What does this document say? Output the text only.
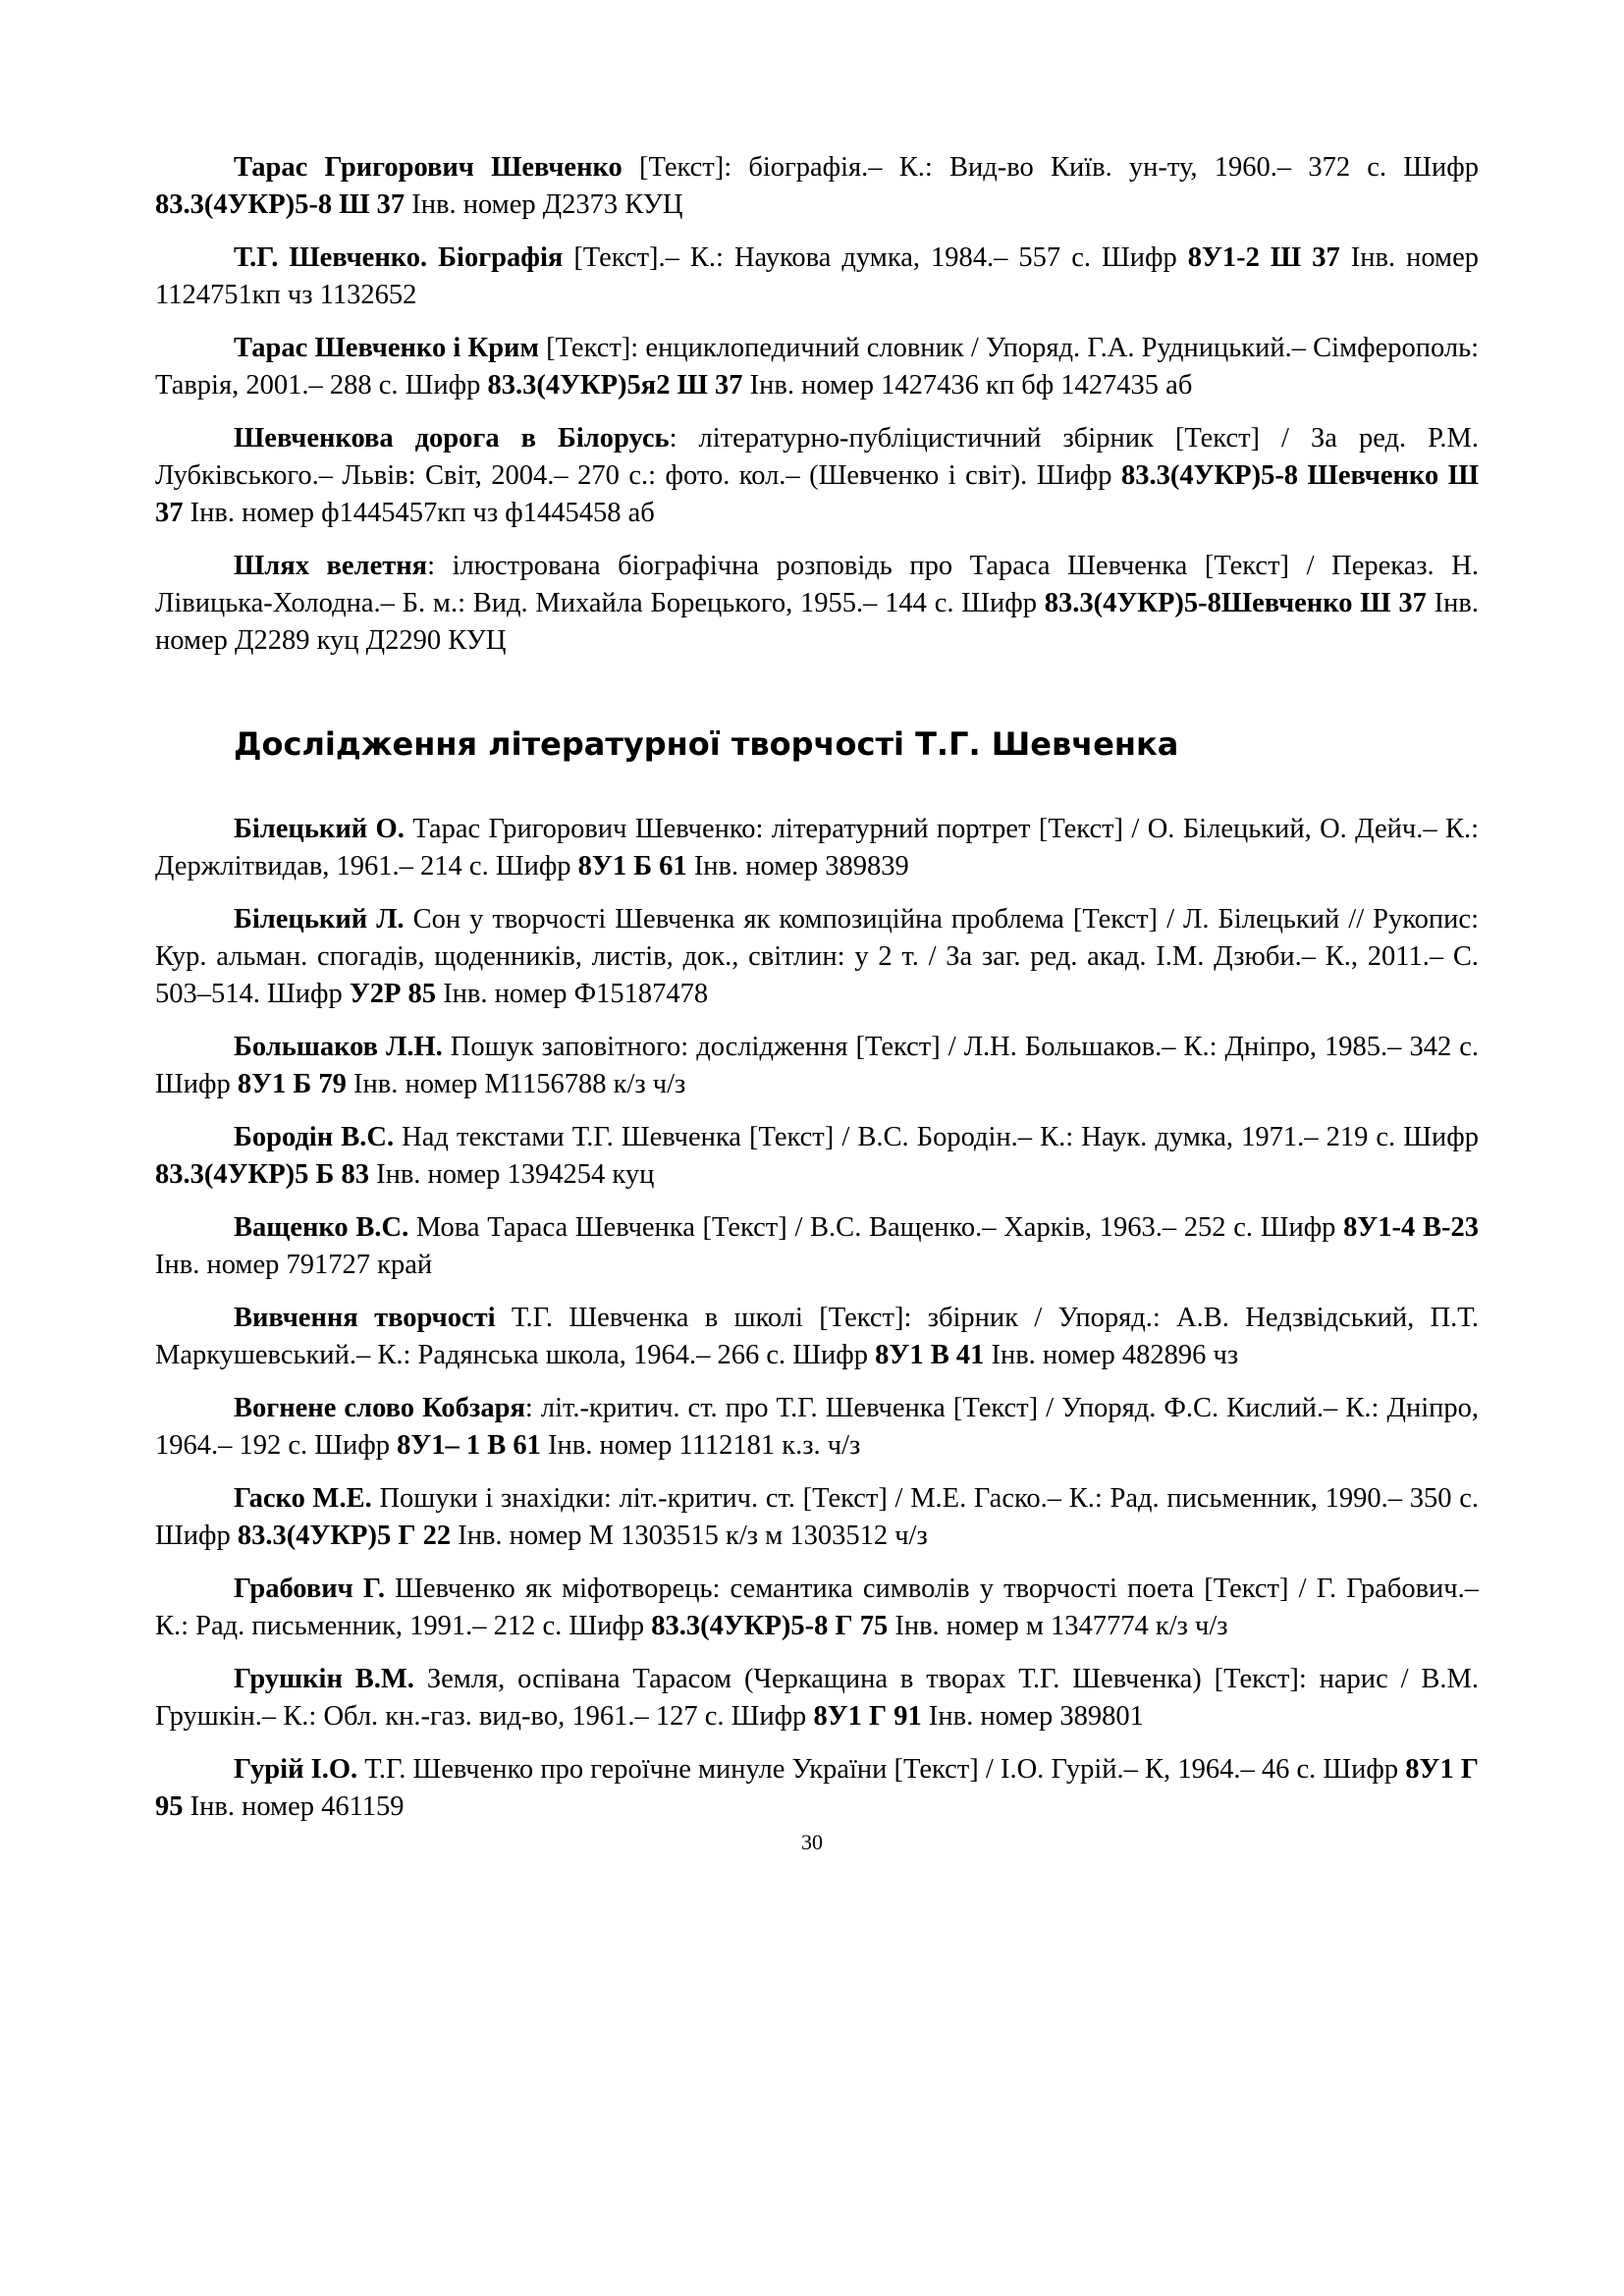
Тарас Григорович Шевченко [Текст]: біографія.– К.: Вид-во Київ. ун-ту, 1960.– 372 с. Шифр 83.3(4УКР)5-8 Ш 37 Інв. номер Д2373 КУЦ

Т.Г. Шевченко. Біографія [Текст].– К.: Наукова думка, 1984.– 557 с. Шифр 8У1-2 Ш 37 Інв. номер 1124751кп чз 1132652

Тарас Шевченко і Крим [Текст]: енциклопедичний словник / Упоряд. Г.А. Рудницький.– Сімферополь: Таврія, 2001.– 288 с. Шифр 83.3(4УКР)5я2 Ш 37 Інв. номер 1427436 кп бф 1427435 аб

Шевченкова дорога в Білорусь: літературно-публіцистичний збірник [Текст] / За ред. Р.М. Лубківського.– Львів: Світ, 2004.– 270 с.: фото. кол.– (Шевченко і світ). Шифр 83.3(4УКР)5-8 Шевченко Ш 37 Інв. номер ф1445457кп чз ф1445458 аб

Шлях велетня: ілюстрована біографічна розповідь про Тараса Шевченка [Текст] / Переказ. Н. Лівицька-Холодна.– Б. м.: Вид. Михайла Борецького, 1955.– 144 с. Шифр 83.3(4УКР)5-8Шевченко Ш 37 Інв. номер Д2289 куц Д2290 КУЦ

Дослідження літературної творчості Т.Г. Шевченка

Білецький О. Тарас Григорович Шевченко: літературний портрет [Текст] / О. Білецький, О. Дейч.– К.: Держлітвидав, 1961.– 214 с. Шифр 8У1 Б 61 Інв. номер 389839

Білецький Л. Сон у творчості Шевченка як композиційна проблема [Текст] / Л. Білецький // Рукопис: Кур. альман. спогадів, щоденників, листів, док., світлин: у 2 т. / За заг. ред. акад. І.М. Дзюби.– К., 2011.– С. 503–514. Шифр У2Р 85 Інв. номер Ф15187478

Большаков Л.Н. Пошук заповітного: дослідження [Текст] / Л.Н. Большаков.– К.: Дніпро, 1985.– 342 с. Шифр 8У1 Б 79 Інв. номер М1156788 к/з ч/з

Бородін В.С. Над текстами Т.Г. Шевченка [Текст] / В.С. Бородін.– К.: Наук. думка, 1971.– 219 с. Шифр 83.3(4УКР)5 Б 83 Інв. номер 1394254 куц

Ващенко В.С. Мова Тараса Шевченка [Текст] / В.С. Ващенко.– Харків, 1963.– 252 с. Шифр 8У1-4 В-23 Інв. номер 791727 край

Вивчення творчості Т.Г. Шевченка в школі [Текст]: збірник / Упоряд.: А.В. Недзвідський, П.Т. Маркушевський.– К.: Радянська школа, 1964.– 266 с. Шифр 8У1 В 41 Інв. номер 482896 чз

Вогнене слово Кобзаря: літ.-критич. ст. про Т.Г. Шевченка [Текст] / Упоряд. Ф.С. Кислий.– К.: Дніпро, 1964.– 192 с. Шифр 8У1– 1 В 61 Інв. номер 1112181 к.з. ч/з

Гаско М.Е. Пошуки і знахідки: літ.-критич. ст. [Текст] / М.Е. Гаско.– К.: Рад. письменник, 1990.– 350 с. Шифр 83.3(4УКР)5 Г 22 Інв. номер М 1303515 к/з м 1303512 ч/з

Грабович Г. Шевченко як міфотворець: семантика символів у творчості поета [Текст] / Г. Грабович.– К.: Рад. письменник, 1991.– 212 с. Шифр 83.3(4УКР)5-8 Г 75 Інв. номер м 1347774 к/з ч/з

Грушкін В.М. Земля, оспівана Тарасом (Черкащина в творах Т.Г. Шевченка) [Текст]: нарис / В.М. Грушкін.– К.: Обл. кн.-газ. вид-во, 1961.– 127 с. Шифр 8У1 Г 91 Інв. номер 389801

Гурій І.О. Т.Г. Шевченко про героїчне минуле України [Текст] / І.О. Гурій.– К, 1964.– 46 с. Шифр 8У1 Г 95 Інв. номер 461159

30
